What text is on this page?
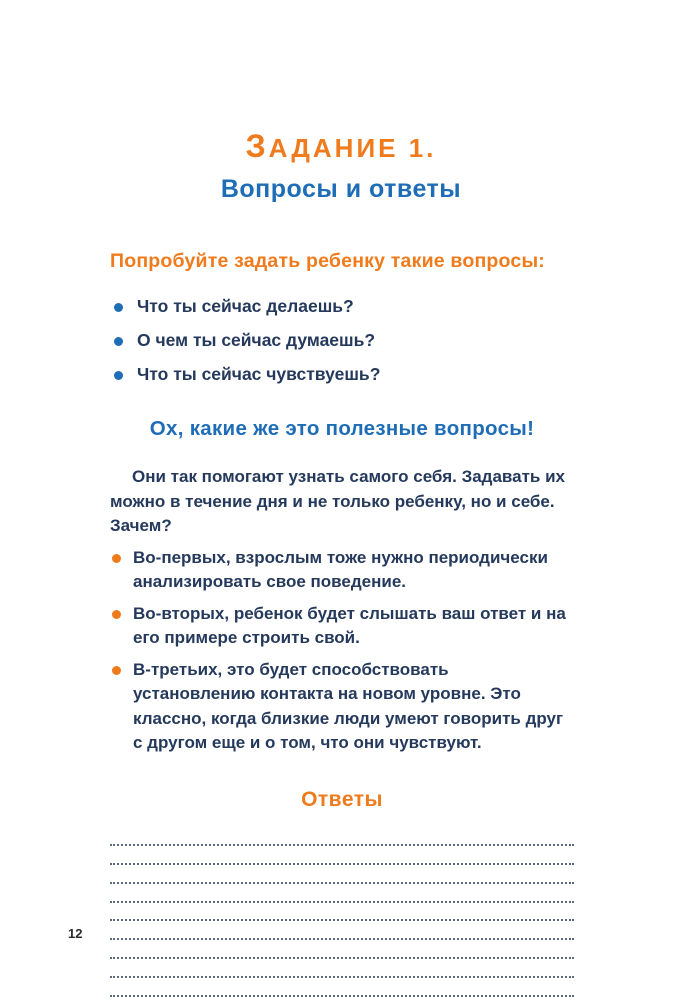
ЗАДАНИЕ 1.
Вопросы и ответы
Попробуйте задать ребенку такие вопросы:
Что ты сейчас делаешь?
О чем ты сейчас думаешь?
Что ты сейчас чувствуешь?
Ох, какие же это полезные вопросы!

Они так помогают узнать самого себя. Задавать их можно в течение дня и не только ребенку, но и себе. Зачем?

Во-первых, взрослым тоже нужно периодически анализировать свое поведение.
Во-вторых, ребенок будет слышать ваш ответ и на его примере строить свой.
В-третьих, это будет способствовать установлению контакта на новом уровне. Это классно, когда близкие люди умеют говорить друг с другом еще и о том, что они чувствуют.
Ответы
12
